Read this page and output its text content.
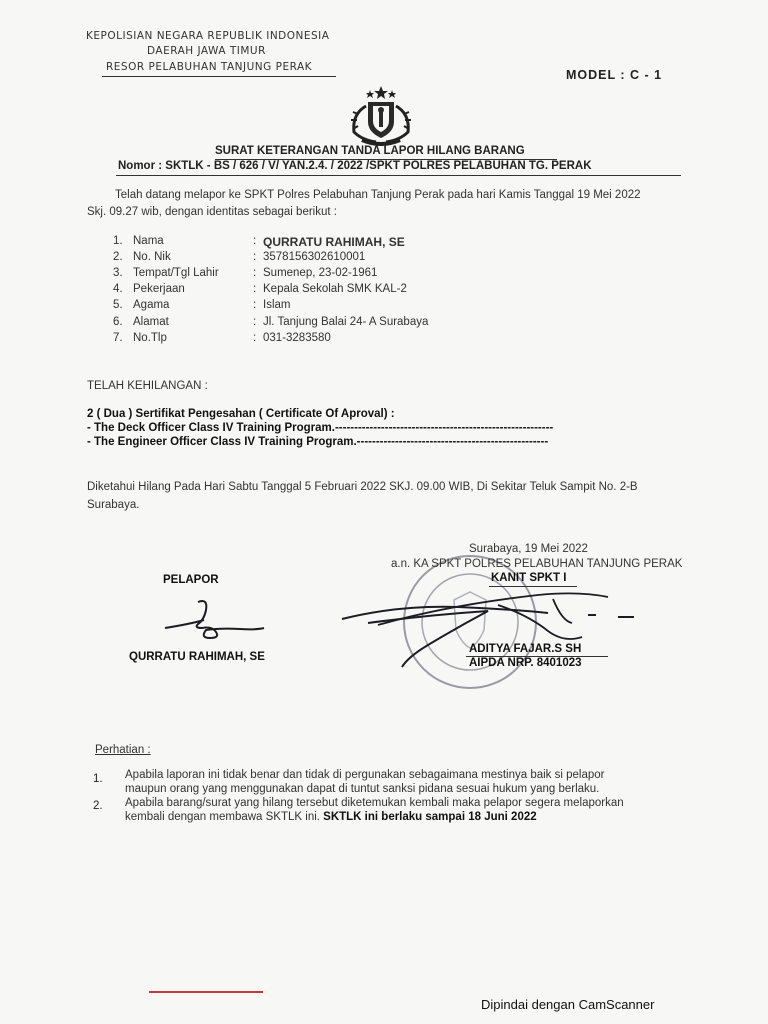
KEPOLISIAN NEGARA REPUBLIK INDONESIA
DAERAH JAWA TIMUR
RESOR PELABUHAN TANJUNG PERAK
MODEL : C - 1
SURAT KETERANGAN TANDA LAPOR HILANG BARANG
Nomor : SKTLK - BS / 626 / V/ YAN.2.4. / 2022 /SPKT POLRES PELABUHAN TG. PERAK
Telah datang melapor ke SPKT Polres Pelabuhan Tanjung Perak pada hari Kamis Tanggal 19 Mei 2022
Skj. 09.27 wib, dengan identitas sebagai berikut :
1. Nama	: QURRATU RAHIMAH, SE
2. No. Nik	: 3578156302610001
3. Tempat/Tgl Lahir	: Sumenep, 23-02-1961
4. Pekerjaan	: Kepala Sekolah SMK KAL-2
5. Agama	: Islam
6. Alamat	: Jl. Tanjung Balai 24- A Surabaya
7. No.Tlp	: 031-3283580
TELAH KEHILANGAN :
2 ( Dua ) Sertifikat Pengesahan ( Certificate Of Aproval) :
- The Deck Officer Class IV Training Program.---------------------------------------------------------
- The Engineer Officer Class IV Training Program.--------------------------------------------------
Diketahui Hilang Pada Hari Sabtu Tanggal 5 Februari 2022 SKJ. 09.00 WIB, Di Sekitar Teluk Sampit No. 2-B
Surabaya.
Surabaya, 19 Mei 2022
a.n. KA SPKT POLRES PELABUHAN TANJUNG PERAK
KANIT SPKT I
ADITYA FAJAR.S SH
AIPDA NRP. 8401023
PELAPOR
QURRATU RAHIMAH, SE
Perhatian :
1. Apabila laporan ini tidak benar dan tidak di pergunakan sebagaimana mestinya baik si pelapor
maupun orang yang menggunakan dapat di tuntut sanksi pidana sesuai hukum yang berlaku.
2. Apabila barang/surat yang hilang tersebut diketemukan kembali maka pelapor segera melaporkan
kembali dengan membawa SKTLK ini. SKTLK ini berlaku sampai 18 Juni 2022
Dipindai dengan CamScanner
